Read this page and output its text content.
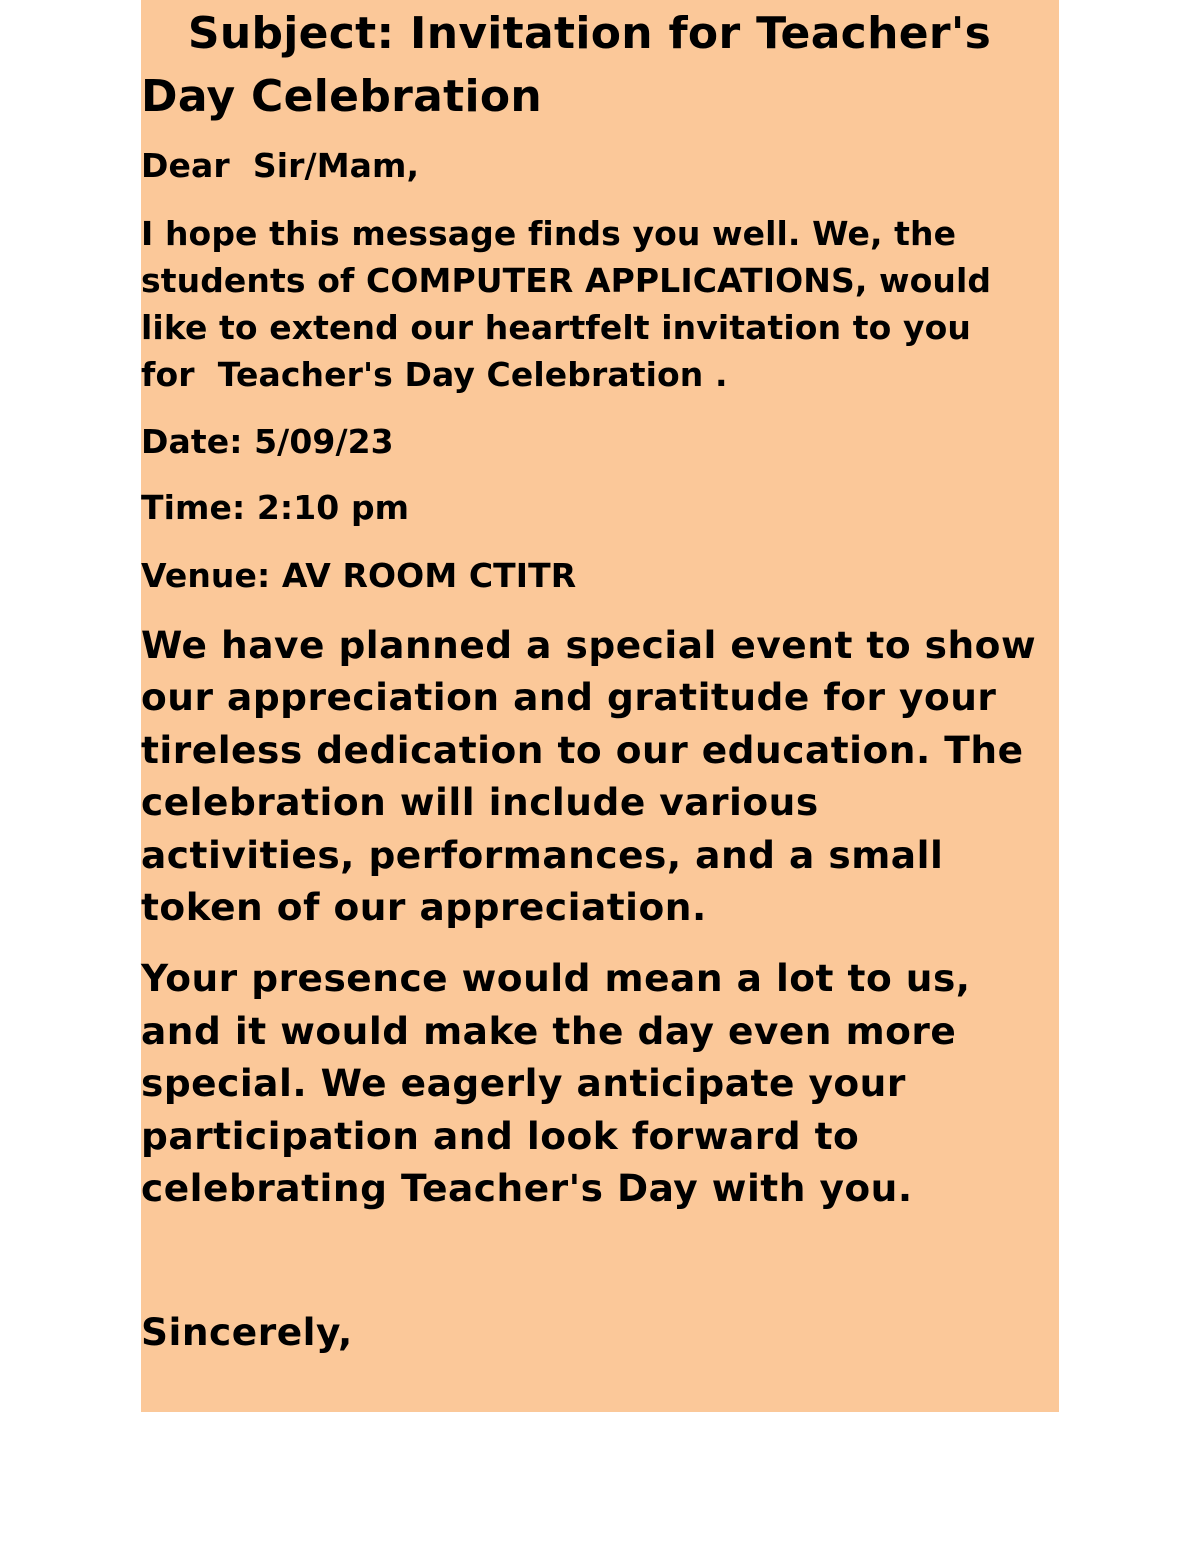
Subject: Invitation for Teacher's Day Celebration

Dear  Sir/Mam,

I hope this message finds you well. We, the

students of COMPUTER APPLICATIONS, would

like to extend our heartfelt invitation to you

for  Teacher's Day Celebration .

Date: 5/09/23

Time: 2:10 pm

Venue: AV ROOM CTITR

We have planned a special event to show

our appreciation and gratitude for your

tireless dedication to our education. The

celebration will include various

activities, performances, and a small

token of our appreciation.

Your presence would mean a lot to us,

and it would make the day even more

special. We eagerly anticipate your

participation and look forward to

celebrating Teacher's Day with you.

Sincerely,
